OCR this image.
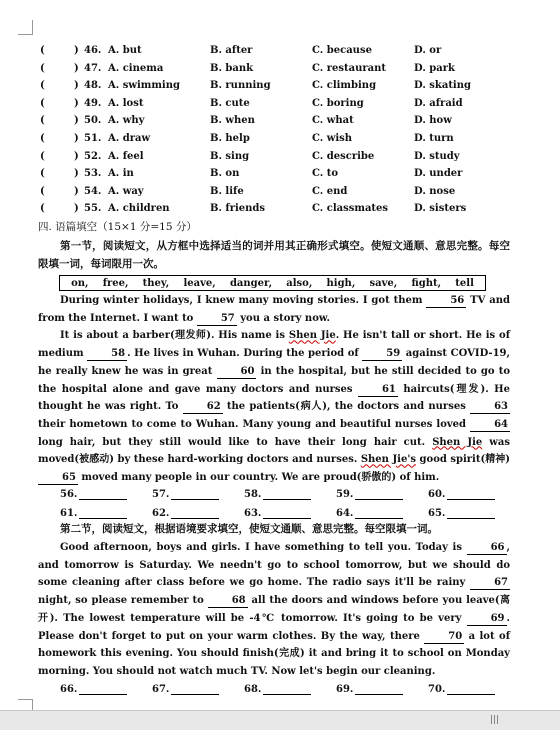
(	) 46. A. but	B. after	C. because	D. or
(	) 47. A. cinema	B. bank	C. restaurant	D. park
(	) 48. A. swimming	B. running	C. climbing	D. skating
(	) 49. A. lost	B. cute	C. boring	D. afraid
(	) 50. A. why	B. when	C. what	D. how
(	) 51. A. draw	B. help	C. wish	D. turn
(	) 52. A. feel	B. sing	C. describe	D. study
(	) 53. A. in	B. on	C. to	D. under
(	) 54. A. way	B. life	C. end	D. nose
(	) 55. A. children	B. friends	C. classmates	D. sisters
四. 语篇填空（15×1 分=15 分）
第一节，阅读短文，从方框中选择适当的词并用其正确形式填空。使短文通顺、意思完整。每空限填一词，每词限用一次。
on, free, they, leave, danger, also, high, save, fight, tell
During winter holidays, I knew many moving stories. I got them 56 TV and from the Internet. I want to 57 you a story now.
It is about a barber(理发师). His name is Shen Jie. He isn't tall or short. He is of medium 58 . He lives in Wuhan. During the period of 59 against COVID-19, he really knew he was in great 60 in the hospital, but he still decided to go to the hospital alone and gave many doctors and nurses 61 haircuts(理发). He thought he was right. To 62 the patients(病人), the doctors and nurses 63 their hometown to come to Wuhan. Many young and beautiful nurses loved 64 long hair, but they still would like to have their long hair cut. Shen Jie was moved(被感动) by these hard-working doctors and nurses. Shen Jie's good spirit(精神) 65 moved many people in our country. We are proud(骄傲的) of him.
56.	57.	58.	59.	60.
61.	62.	63.	64.	65.
第二节，阅读短文，根据语境要求填空，使短文通顺、意思完整。每空限填一词。
Good afternoon, boys and girls. I have something to tell you. Today is 66 , and tomorrow is Saturday. We needn't go to school tomorrow, but we should do some cleaning after class before we go home. The radio says it'll be rainy 67 night, so please remember to 68 all the doors and windows before you leave(离开). The lowest temperature will be -4℃ tomorrow. It's going to be very 69 . Please don't forget to put on your warm clothes. By the way, there 70 a lot of homework this evening. You should finish(完成) it and bring it to school on Monday morning. You should not watch much TV. Now let's begin our cleaning.
66.	67.	68.	69.	70.
|||
